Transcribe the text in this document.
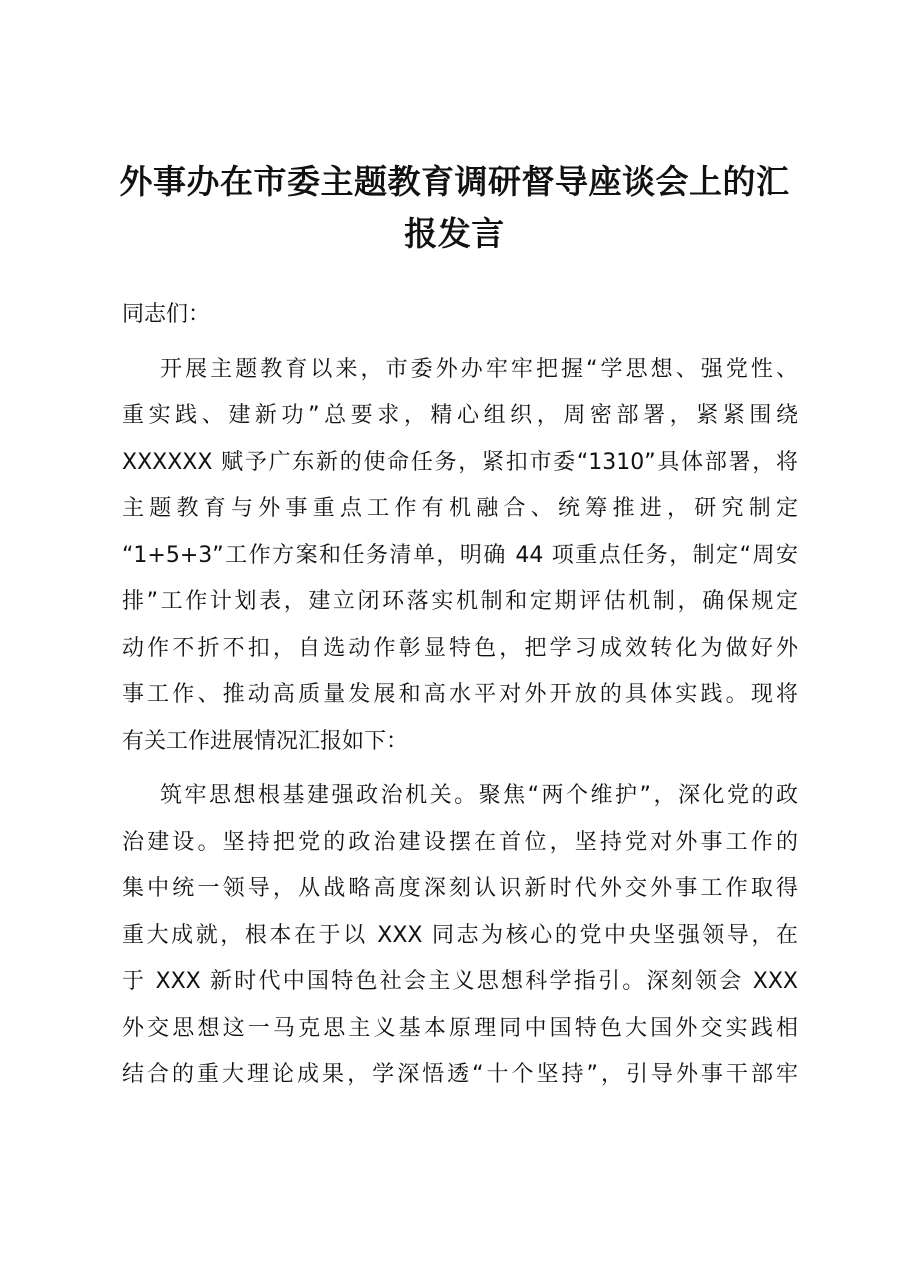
外事办在市委主题教育调研督导座谈会上的汇
报发言
同志们：
开展主题教育以来，市委外办牢牢把握“学思想、强党性、
重实践、建新功”总要求，精心组织，周密部署，紧紧围绕
XXXXXX 赋予广东新的使命任务，紧扣市委“1310”具体部署，将
主题教育与外事重点工作有机融合、统筹推进，研究制定
“1+5+3”工作方案和任务清单，明确 44 项重点任务，制定“周安
排”工作计划表，建立闭环落实机制和定期评估机制，确保规定
动作不折不扣，自选动作彰显特色，把学习成效转化为做好外
事工作、推动高质量发展和高水平对外开放的具体实践。现将
有关工作进展情况汇报如下：
筑牢思想根基建强政治机关。聚焦“两个维护”，深化党的政
治建设。坚持把党的政治建设摆在首位，坚持党对外事工作的
集中统一领导，从战略高度深刻认识新时代外交外事工作取得
重大成就，根本在于以 XXX 同志为核心的党中央坚强领导，在
于 XXX 新时代中国特色社会主义思想科学指引。深刻领会 XXX
外交思想这一马克思主义基本原理同中国特色大国外交实践相
结合的重大理论成果，学深悟透“十个坚持”，引导外事干部牢
